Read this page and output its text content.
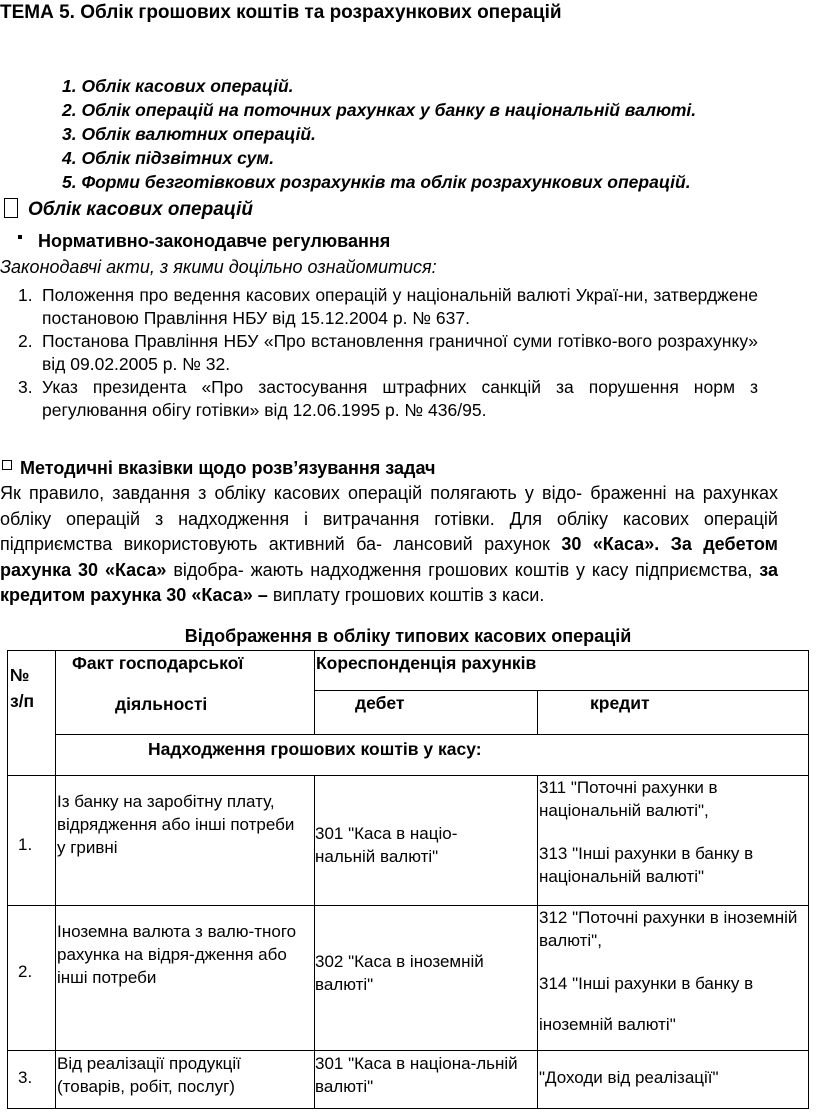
ТЕМА 5. Облік грошових коштів та розрахункових операцій
1. Облік касових операцій.
2. Облік операцій на поточних рахунках у банку в національній валюті.
3. Облік валютних операцій.
4. Облік підзвітних сум.
5. Форми безготівкових розрахунків та облік розрахункових операцій.
Облік касових операцій
Нормативно-законодавче регулювання
Законодавчі акти, з якими доцільно ознайомитися:
1. Положення про ведення касових операцій у національній валюті Украї-ни, затверджене постановою Правління НБУ від 15.12.2004 р. № 637.
2. Постанова Правління НБУ «Про встановлення граничної суми готівко-вого розрахунку» від 09.02.2005 р. № 32.
3. Указ президента «Про застосування штрафних санкцій за порушення норм з регулювання обігу готівки» від 12.06.1995 р. № 436/95.
Методичні вказівки щодо розв’язування задач
Як правило, завдання з обліку касових операцій полягають у відо- браженні на рахунках обліку операцій з надходження і витрачання готівки. Для обліку касових операцій підприємства використовують активний ба- лансовий рахунок 30 «Каса». За дебетом рахунка 30 «Каса» відобра- жають надходження грошових коштів у касу підприємства, за кредитом рахунка 30 «Каса» – виплату грошових коштів з каси.
Відображення в обліку типових касових операцій
№
з/п
Факт господарської
діяльності
Кореспонденція рахунків
дебет	кредит
Надходження грошових коштів у касу:
1.
Із банку на заробітну плату, відрядження або інші потреби у гривні
301 "Каса в націо-нальній валюті"
311 "Поточні рахунки в національній валюті",
313 "Інші рахунки в банку в національній валюті"
2.
Іноземна валюта з валю-тного рахунка на відря-дження або інші потреби
302 "Каса в іноземній валюті"
312 "Поточні рахунки в іноземній валюті",
314 "Інші рахунки в банку в
іноземній валюті"
3.
Від реалізації продукції (товарів, робіт, послуг)
301 "Каса в націона-льній валюті"	"Доходи від реалізації"
